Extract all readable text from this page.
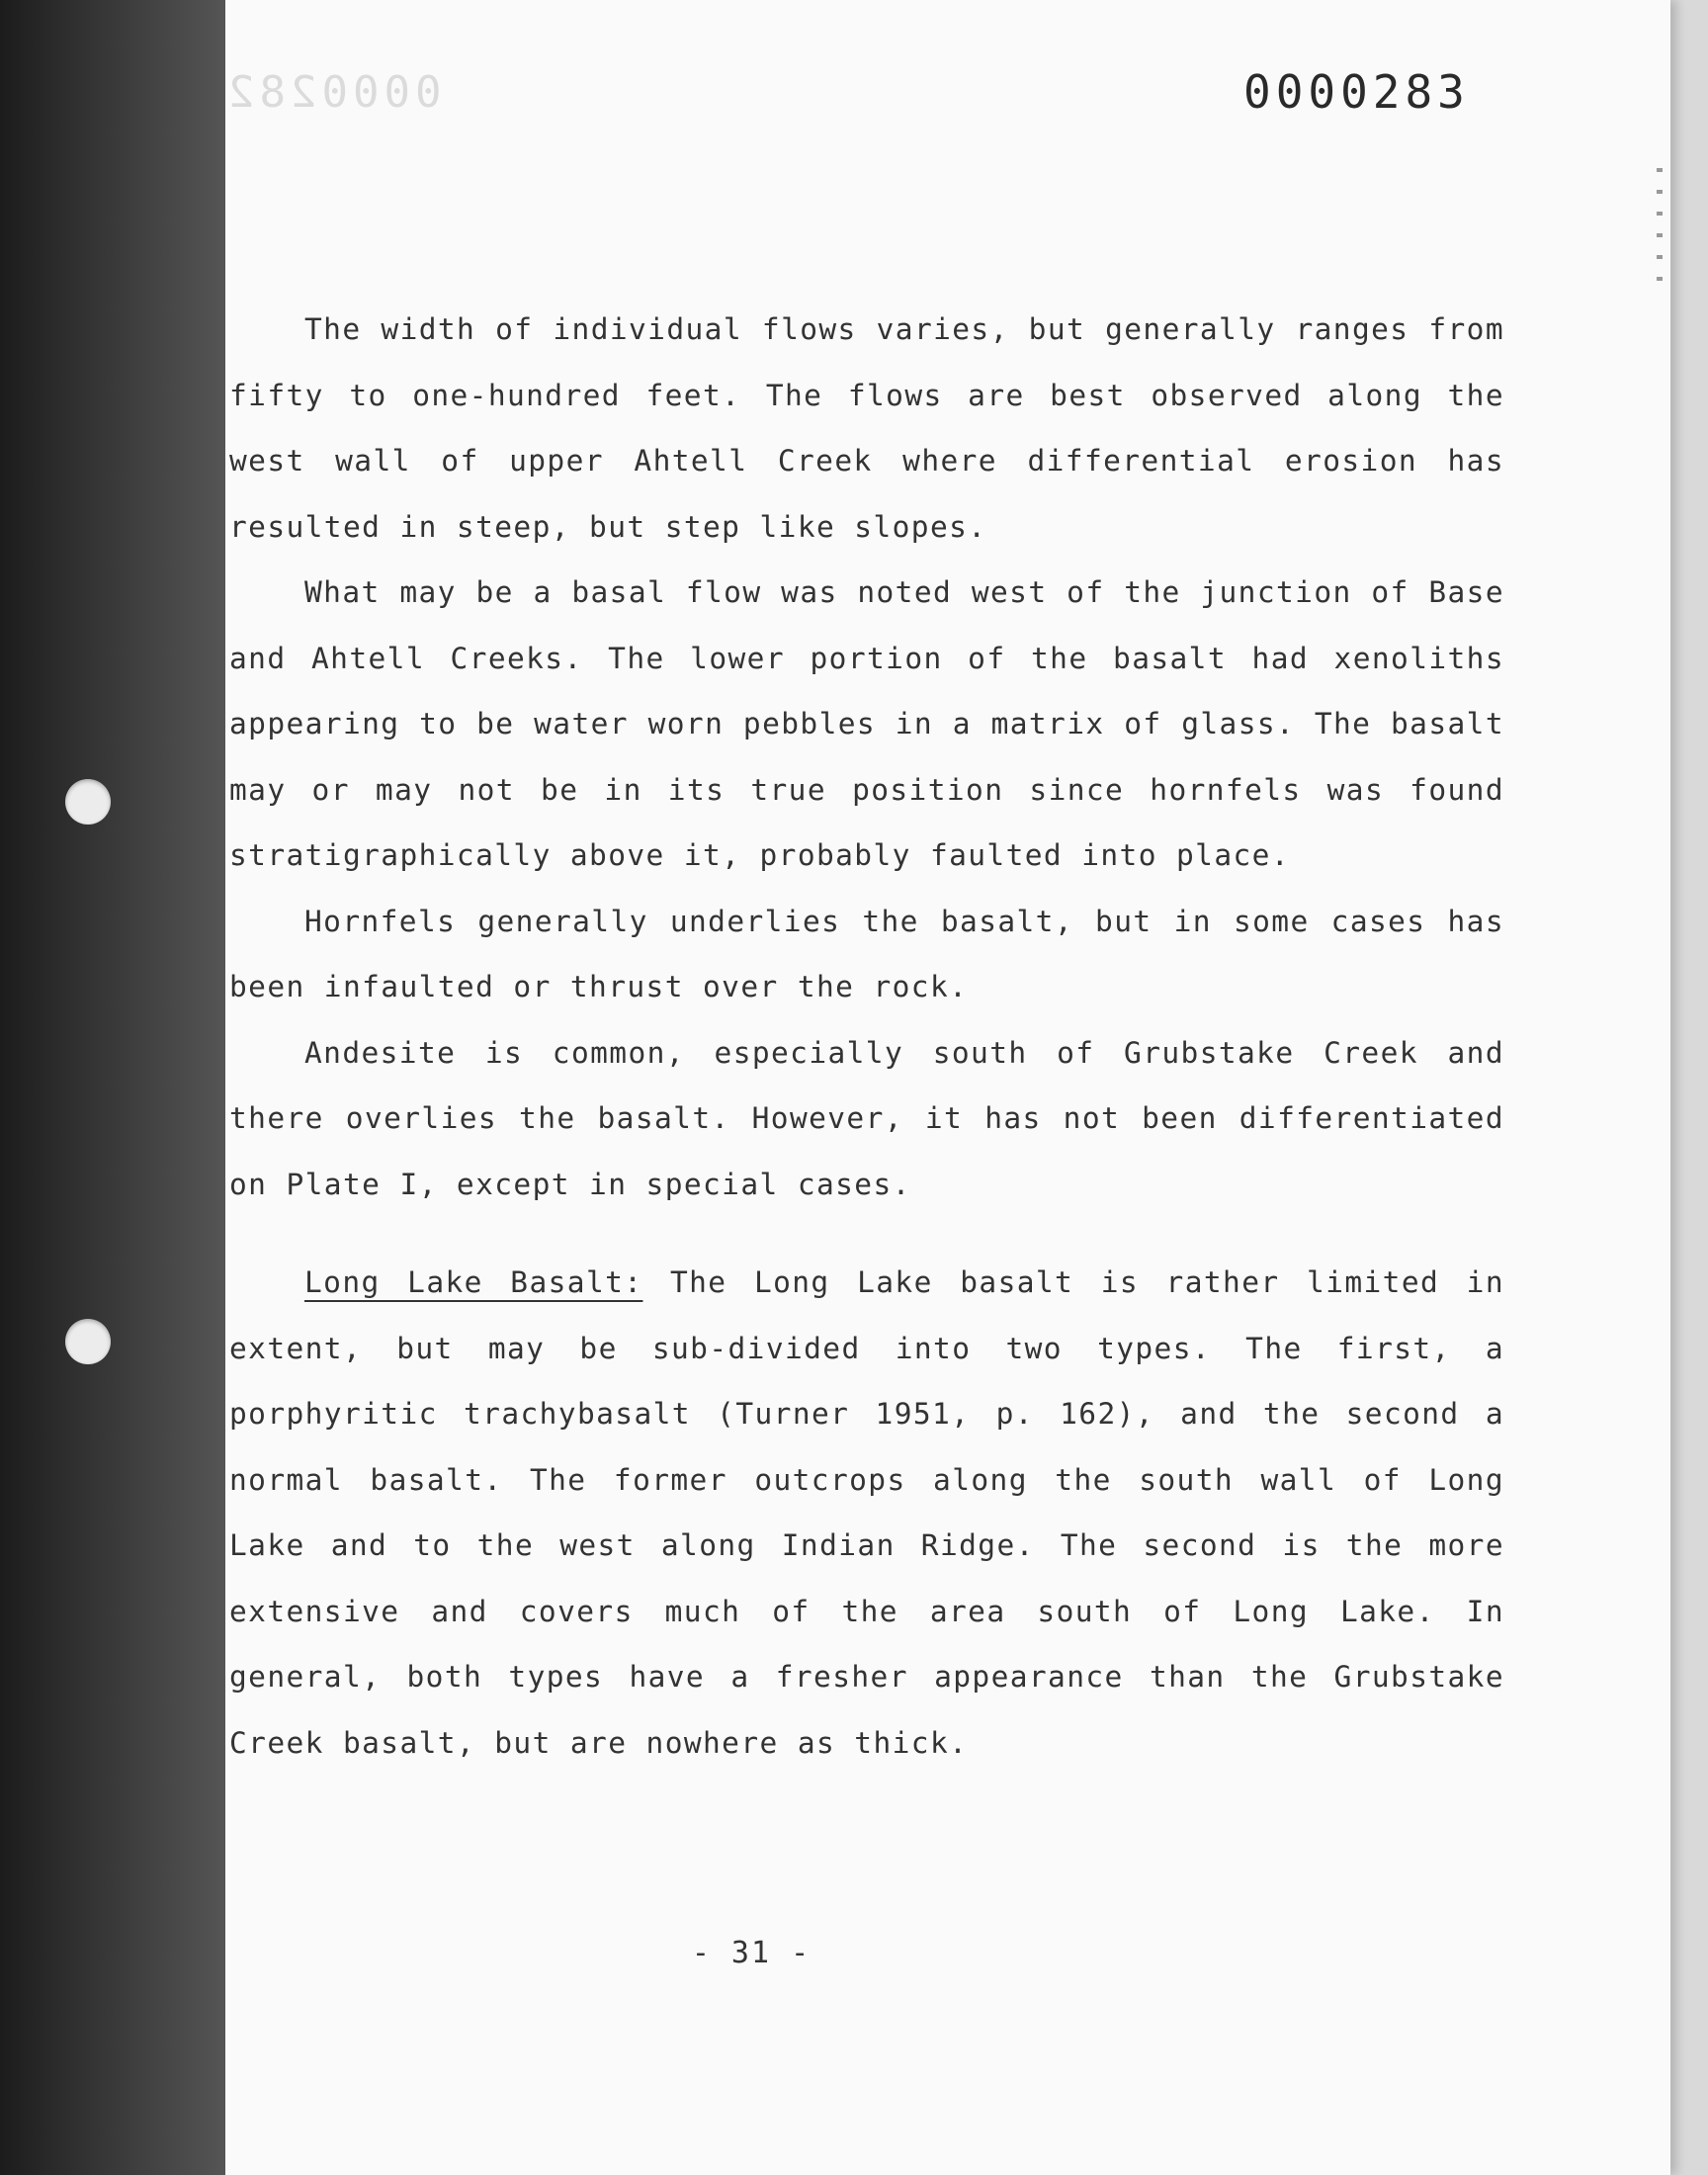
0000282	0000283

The width of individual flows varies, but generally ranges from fifty to one-hundred feet. The flows are best observed along the west wall of upper Ahtell Creek where differential erosion has resulted in steep, but step like slopes.

What may be a basal flow was noted west of the junction of Base and Ahtell Creeks. The lower portion of the basalt had xenoliths appearing to be water worn pebbles in a matrix of glass. The basalt may or may not be in its true position since hornfels was found stratigraphically above it, probably faulted into place.

Hornfels generally underlies the basalt, but in some cases has been infaulted or thrust over the rock.

Andesite is common, especially south of Grubstake Creek and there overlies the basalt. However, it has not been differentiated on Plate I, except in special cases.

Long Lake Basalt: The Long Lake basalt is rather limited in extent, but may be sub-divided into two types. The first, a porphyritic trachybasalt (Turner 1951, p. 162), and the second a normal basalt. The former outcrops along the south wall of Long Lake and to the west along Indian Ridge. The second is the more extensive and covers much of the area south of Long Lake. In general, both types have a fresher appearance than the Grubstake Creek basalt, but are nowhere as thick.

- 31 -
